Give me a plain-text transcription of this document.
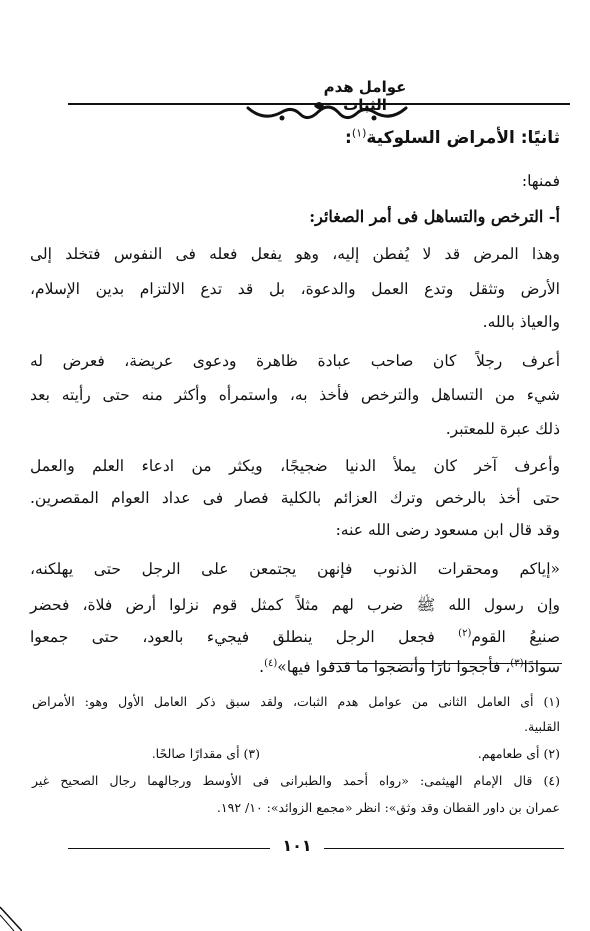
عوامل هدم الثبات
ثانيًا: الأمراض السلوكية$^{(١)}$:
فمنها:
أ- الترخص والتساهل فى أمر الصغائر:
وهذا المرض قد لا يُفطن إليه، وهو يفعل فعله فى النفوس فتخلد إلى
الأرض وتثقل وتدع العمل والدعوة، بل قد تدع الالتزام بدين الإسلام،
والعياذ بالله.
أعرف رجلاً كان صاحب عبادة ظاهرة ودعوى عريضة، فعرض له
شيء من التساهل والترخص فأخذ به، واستمرأه وأكثر منه حتى رأيته بعد
ذلك عبرة للمعتبر.
وأعرف آخر كان يملأ الدنيا ضجيجًا، ويكثر من ادعاء العلم والعمل
حتى أخذ بالرخص وترك العزائم بالكلية فصار فى عداد العوام المقصرين.
وقد قال ابن مسعود رضى الله عنه:
«إياكم ومحقرات الذنوب فإنهن يجتمعن على الرجل حتى يهلكنه،
وإن رسول الله ﷺ ضرب لهم مثلاً كمثل قوم نزلوا أرض فلاة، فحضر
صنيعُ القوم$^{(٢)}$ فجعل الرجل ينطلق فيجيء بالعود، حتى جمعوا
سوادًا$^{(٣)}$، فأججوا نارًا وأنضجوا ما قذفوا فيها»$^{(٤)}$.
(١) أى العامل الثانى من عوامل هدم الثبات، ولقد سبق ذكر العامل الأول وهو: الأمراض
القلبية.
(٢) أى طعامهم.
(٣) أى مقدارًا صالحًا.
(٤) قال الإمام الهيثمى: «رواه أحمد والطبرانى فى الأوسط ورجالهما رجال الصحيح غير
عمران بن داور القطان وقد وثق»: انظر «مجمع الزوائد»: ١٠/ ١٩٢.
١٠١
